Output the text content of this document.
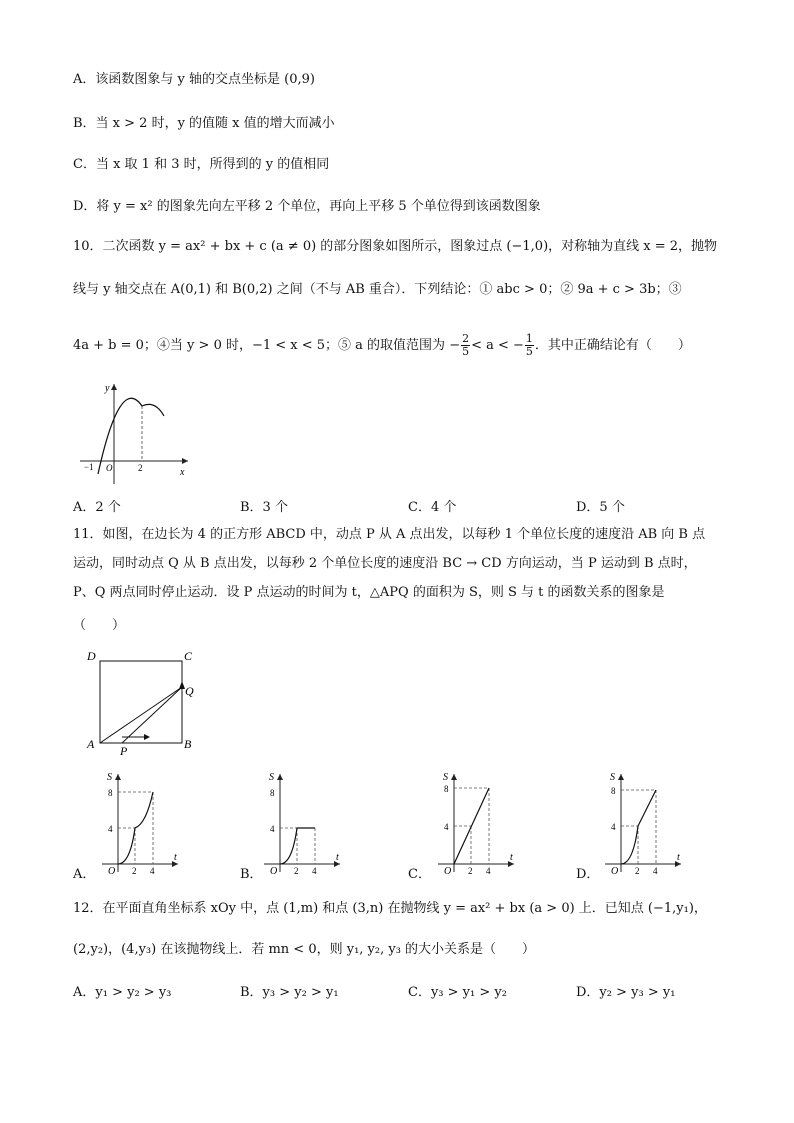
A．该函数图象与 y 轴的交点坐标是 (0,9)
B．当 x > 2 时，y 的值随 x 值的增大而减小
C．当 x 取 1 和 3 时，所得到的 y 的值相同
D．将 y = x² 的图象先向左平移 2 个单位，再向上平移 5 个单位得到该函数图象
10．二次函数 y = ax² + bx + c (a ≠ 0) 的部分图象如图所示，图象过点 (−1,0)，对称轴为直线 x = 2，抛物
线与 y 轴交点在 A(0,1) 和 B(0,2) 之间（不与 AB 重合）．下列结论：① abc > 0；② 9a + c > 3b；③
4a + b = 0；④当 y > 0 时，−1 < x < 5；⑤ a 的取值范围为 − $\frac{2}{5} < a$ < − $\frac{1}{5}$ ．其中正确结论有（　　）
y
x
O
−1	2
A．2 个	B．3 个	C．4 个	D．5 个
11．如图，在边长为 4 的正方形 ABCD 中，动点 P 从 A 点出发，以每秒 1 个单位长度的速度沿 AB 向 B 点
运动，同时动点 Q 从 B 点出发，以每秒 2 个单位长度的速度沿 BC → CD 方向运动，当 P 运动到 B 点时，
P、Q 两点同时停止运动．设 P 点运动的时间为 t，△APQ 的面积为 S，则 S 与 t 的函数关系的图象是
（　　）
D	C
A	B
P
Q
S
t
O
8
4
2 4
S
t
O
8
4
2 4
S
t
O
8
4
2 4
S
t
O
8
4
2 4
A．	B．	C．	D．
12．在平面直角坐标系 xOy 中，点 (1,m) 和点 (3,n) 在抛物线 y = ax² + bx (a > 0) 上．已知点 (−1,y₁)，
(2,y₂)，(4,y₃) 在该抛物线上．若 mn < 0，则 y₁, y₂, y₃ 的大小关系是（　　）
A．y₁ > y₂ > y₃	B．y₃ > y₂ > y₁	C．y₃ > y₁ > y₂	D．y₂ > y₃ > y₁
